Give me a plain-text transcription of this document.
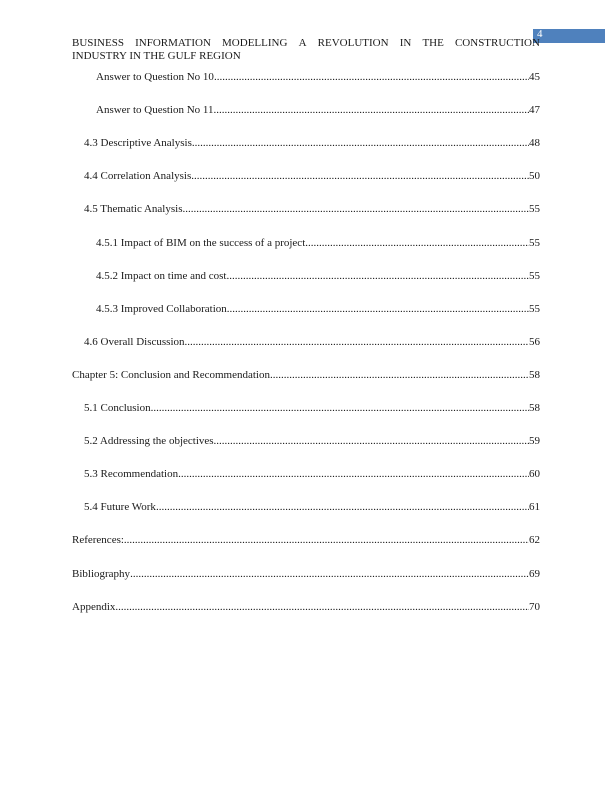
4
BUSINESS INFORMATION MODELLING A REVOLUTION IN THE CONSTRUCTION
INDUSTRY IN THE GULF REGION
Answer to Question No 10 .....	45
Answer to Question No 11 .....	47
4.3 Descriptive Analysis .....	48
4.4 Correlation Analysis .....	50
4.5 Thematic Analysis .....	55
4.5.1 Impact of BIM on the success of a project .....	55
4.5.2 Impact on time and cost .....	55
4.5.3 Improved Collaboration .....	55
4.6 Overall Discussion .....	56
Chapter 5: Conclusion and Recommendation .....	58
5.1 Conclusion .....	58
5.2 Addressing the objectives .....	59
5.3 Recommendation .....	60
5.4 Future Work .....	61
References: .....	62
Bibliography .....	69
Appendix .....	70
